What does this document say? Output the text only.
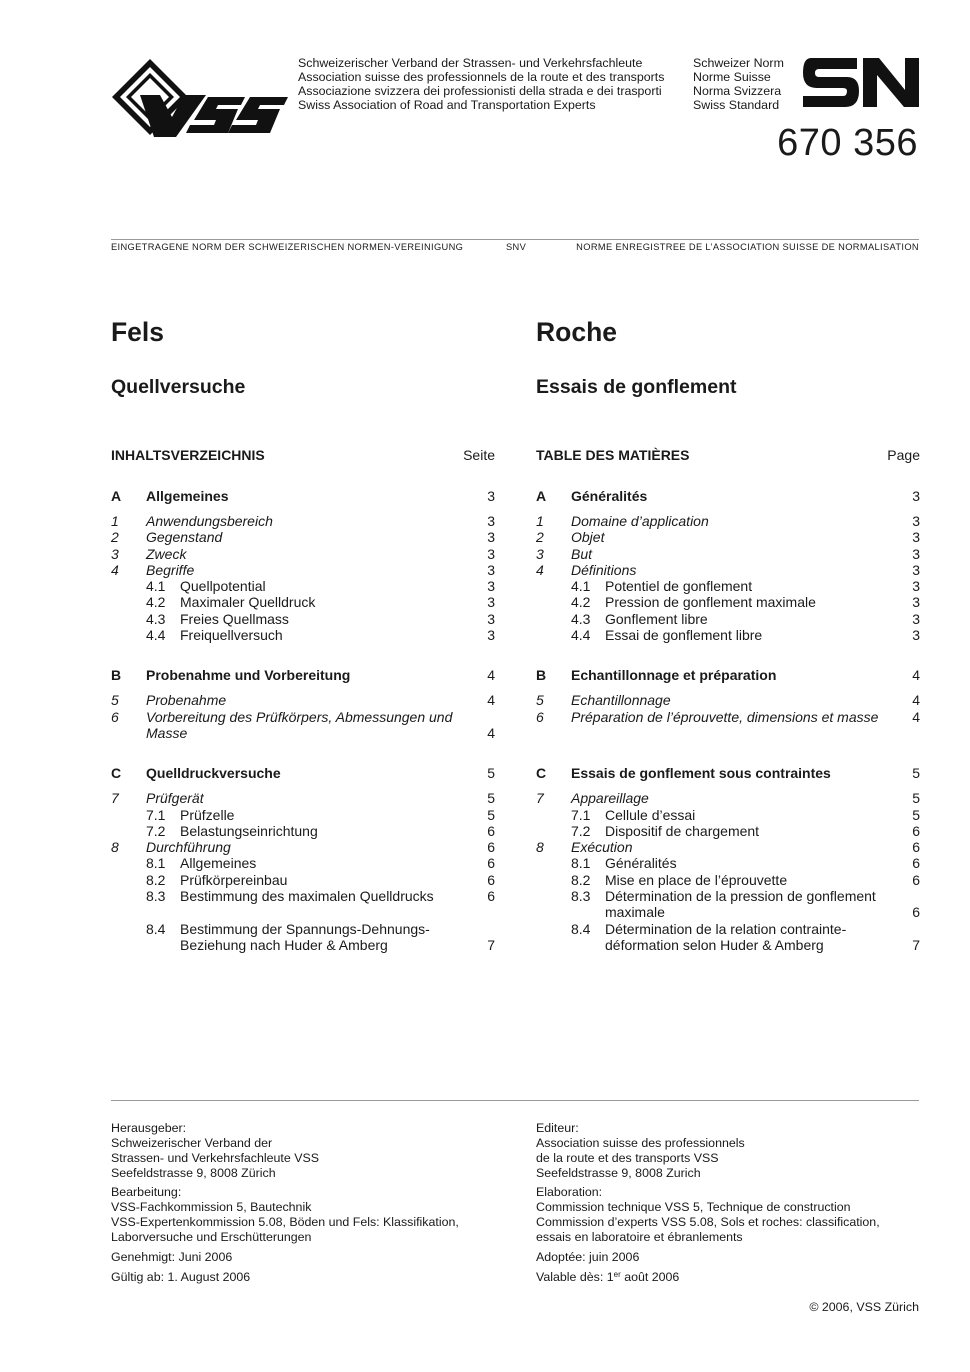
Schweizerischer Verband der Strassen- und Verkehrsfachleute
Association suisse des professionnels de la route et des transports
Associazione svizzera dei professionisti della strada e dei trasporti
Swiss Association of Road and Transportation Experts
Schweizer Norm
Norme Suisse
Norma Svizzera
Swiss Standard
670 356
EINGETRAGENE NORM DER SCHWEIZERISCHEN NORMEN-VEREINIGUNG	SNV	NORME ENREGISTREE DE L’ASSOCIATION SUISSE DE NORMALISATION
Fels
Quellversuche
INHALTSVERZEICHNIS	Seite
A	Allgemeines	3
1	Anwendungsbereich	3
2	Gegenstand	3
3	Zweck	3
4	Begriffe	3
4.1	Quellpotential	3
4.2	Maximaler Quelldruck	3
4.3	Freies Quellmass	3
4.4	Freiquellversuch	3
B	Probenahme und Vorbereitung	4
5	Probenahme	4
6	Vorbereitung des Prüfkörpers, Abmessungen und Masse	4
C	Quelldruckversuche	5
7	Prüfgerät	5
7.1	Prüfzelle	5
7.2	Belastungseinrichtung	6
8	Durchführung	6
8.1	Allgemeines	6
8.2	Prüfkörpereinbau	6
8.3	Bestimmung des maximalen Quelldrucks	6
8.4	Bestimmung der Spannungs-Dehnungs-Beziehung nach Huder & Amberg	7
Roche
Essais de gonflement
TABLE DES MATIÈRES	Page
A	Généralités	3
1	Domaine d’application	3
2	Objet	3
3	But	3
4	Définitions	3
4.1	Potentiel de gonflement	3
4.2	Pression de gonflement maximale	3
4.3	Gonflement libre	3
4.4	Essai de gonflement libre	3
B	Echantillonnage et préparation	4
5	Echantillonnage	4
6	Préparation de l’éprouvette, dimensions et masse	4
C	Essais de gonflement sous contraintes	5
7	Appareillage	5
7.1	Cellule d’essai	5
7.2	Dispositif de chargement	6
8	Exécution	6
8.1	Généralités	6
8.2	Mise en place de l’éprouvette	6
8.3	Détermination de la pression de gonflement maximale	6
8.4	Détermination de la relation contrainte-déformation selon Huder & Amberg	7

Herausgeber:
Schweizerischer Verband der
Strassen- und Verkehrsfachleute VSS
Seefeldstrasse 9, 8008 Zürich

Bearbeitung:
VSS-Fachkommission 5, Bautechnik
VSS-Expertenkommission 5.08, Böden und Fels: Klassifikation,
Laborversuche und Erschütterungen

Genehmigt: Juni 2006

Gültig ab: 1. August 2006

Editeur:
Association suisse des professionnels
de la route et des transports VSS
Seefeldstrasse 9, 8008 Zurich

Elaboration:
Commission technique VSS 5, Technique de construction
Commission d’experts VSS 5.08, Sols et roches: classification,
essais en laboratoire et ébranlements

Adoptée: juin 2006

Valable dès: 1er août 2006

© 2006, VSS Zürich
